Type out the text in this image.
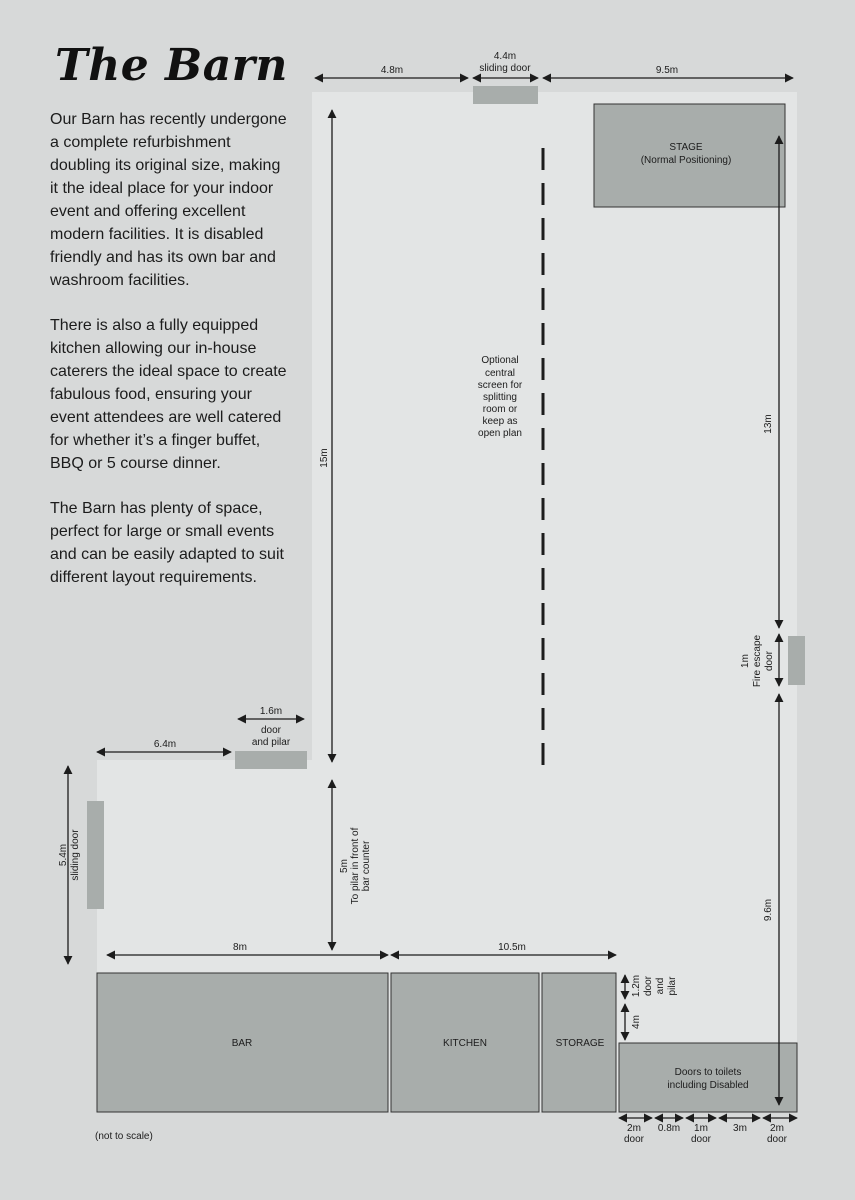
The Barn

Our Barn has recently undergone a complete refurbishment doubling its original size, making it the ideal place for your indoor event and offering excellent modern facilities. It is disabled friendly and has its own bar and washroom facilities.

There is also a fully equipped kitchen allowing our in-house caterers the ideal space to create fabulous food, ensuring your event attendees are well catered for whether it’s a finger buffet, BBQ or 5 course dinner.

The Barn has plenty of space, perfect for large or small events and can be easily adapted to suit different layout requirements.

STAGE
(Normal Positioning)
BAR	KITCHEN	STORAGE
Doors to toilets
including Disabled
Optional
central
screen for
splitting
room or
keep as
open plan
4.8m
4.4m
sliding door	9.5m
1.6m
door
and pilar
6.4m
8m	10.5m
2m
door
0.8m 1m
door
3m 2m
door
15m
13m
1m Fire escape door
9.6m
5.4m sliding door	5m To pilar in front of bar counter
1.2m door and pilar
4m
(not to scale)
